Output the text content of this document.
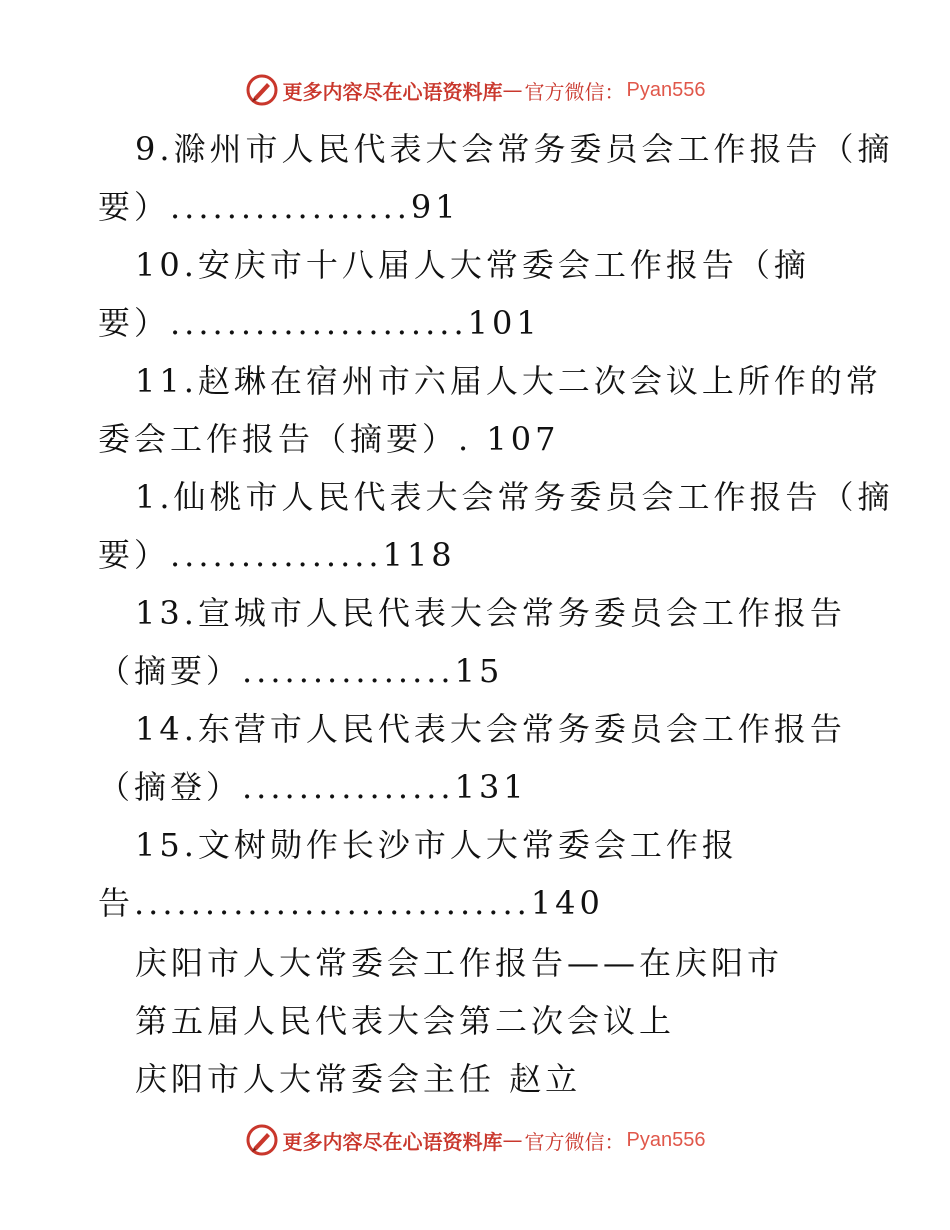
更多内容尽在心语资料库 — 官方微信： Pyan556
9.滁州市人民代表大会常务委员会工作报告（摘
要）.................91
10.安庆市十八届人大常委会工作报告（摘
要）.....................101
11.赵琳在宿州市六届人大二次会议上所作的常
委会工作报告（摘要）. 107
1.仙桃市人民代表大会常务委员会工作报告（摘
要）...............118
13.宣城市人民代表大会常务委员会工作报告
（摘要）...............15
14.东营市人民代表大会常务委员会工作报告
（摘登）...............131
15.文树勋作长沙市人大常委会工作报
告............................140
庆阳市人大常委会工作报告——在庆阳市
第五届人民代表大会第二次会议上
庆阳市人大常委会主任 赵立
更多内容尽在心语资料库 — 官方微信： Pyan556
